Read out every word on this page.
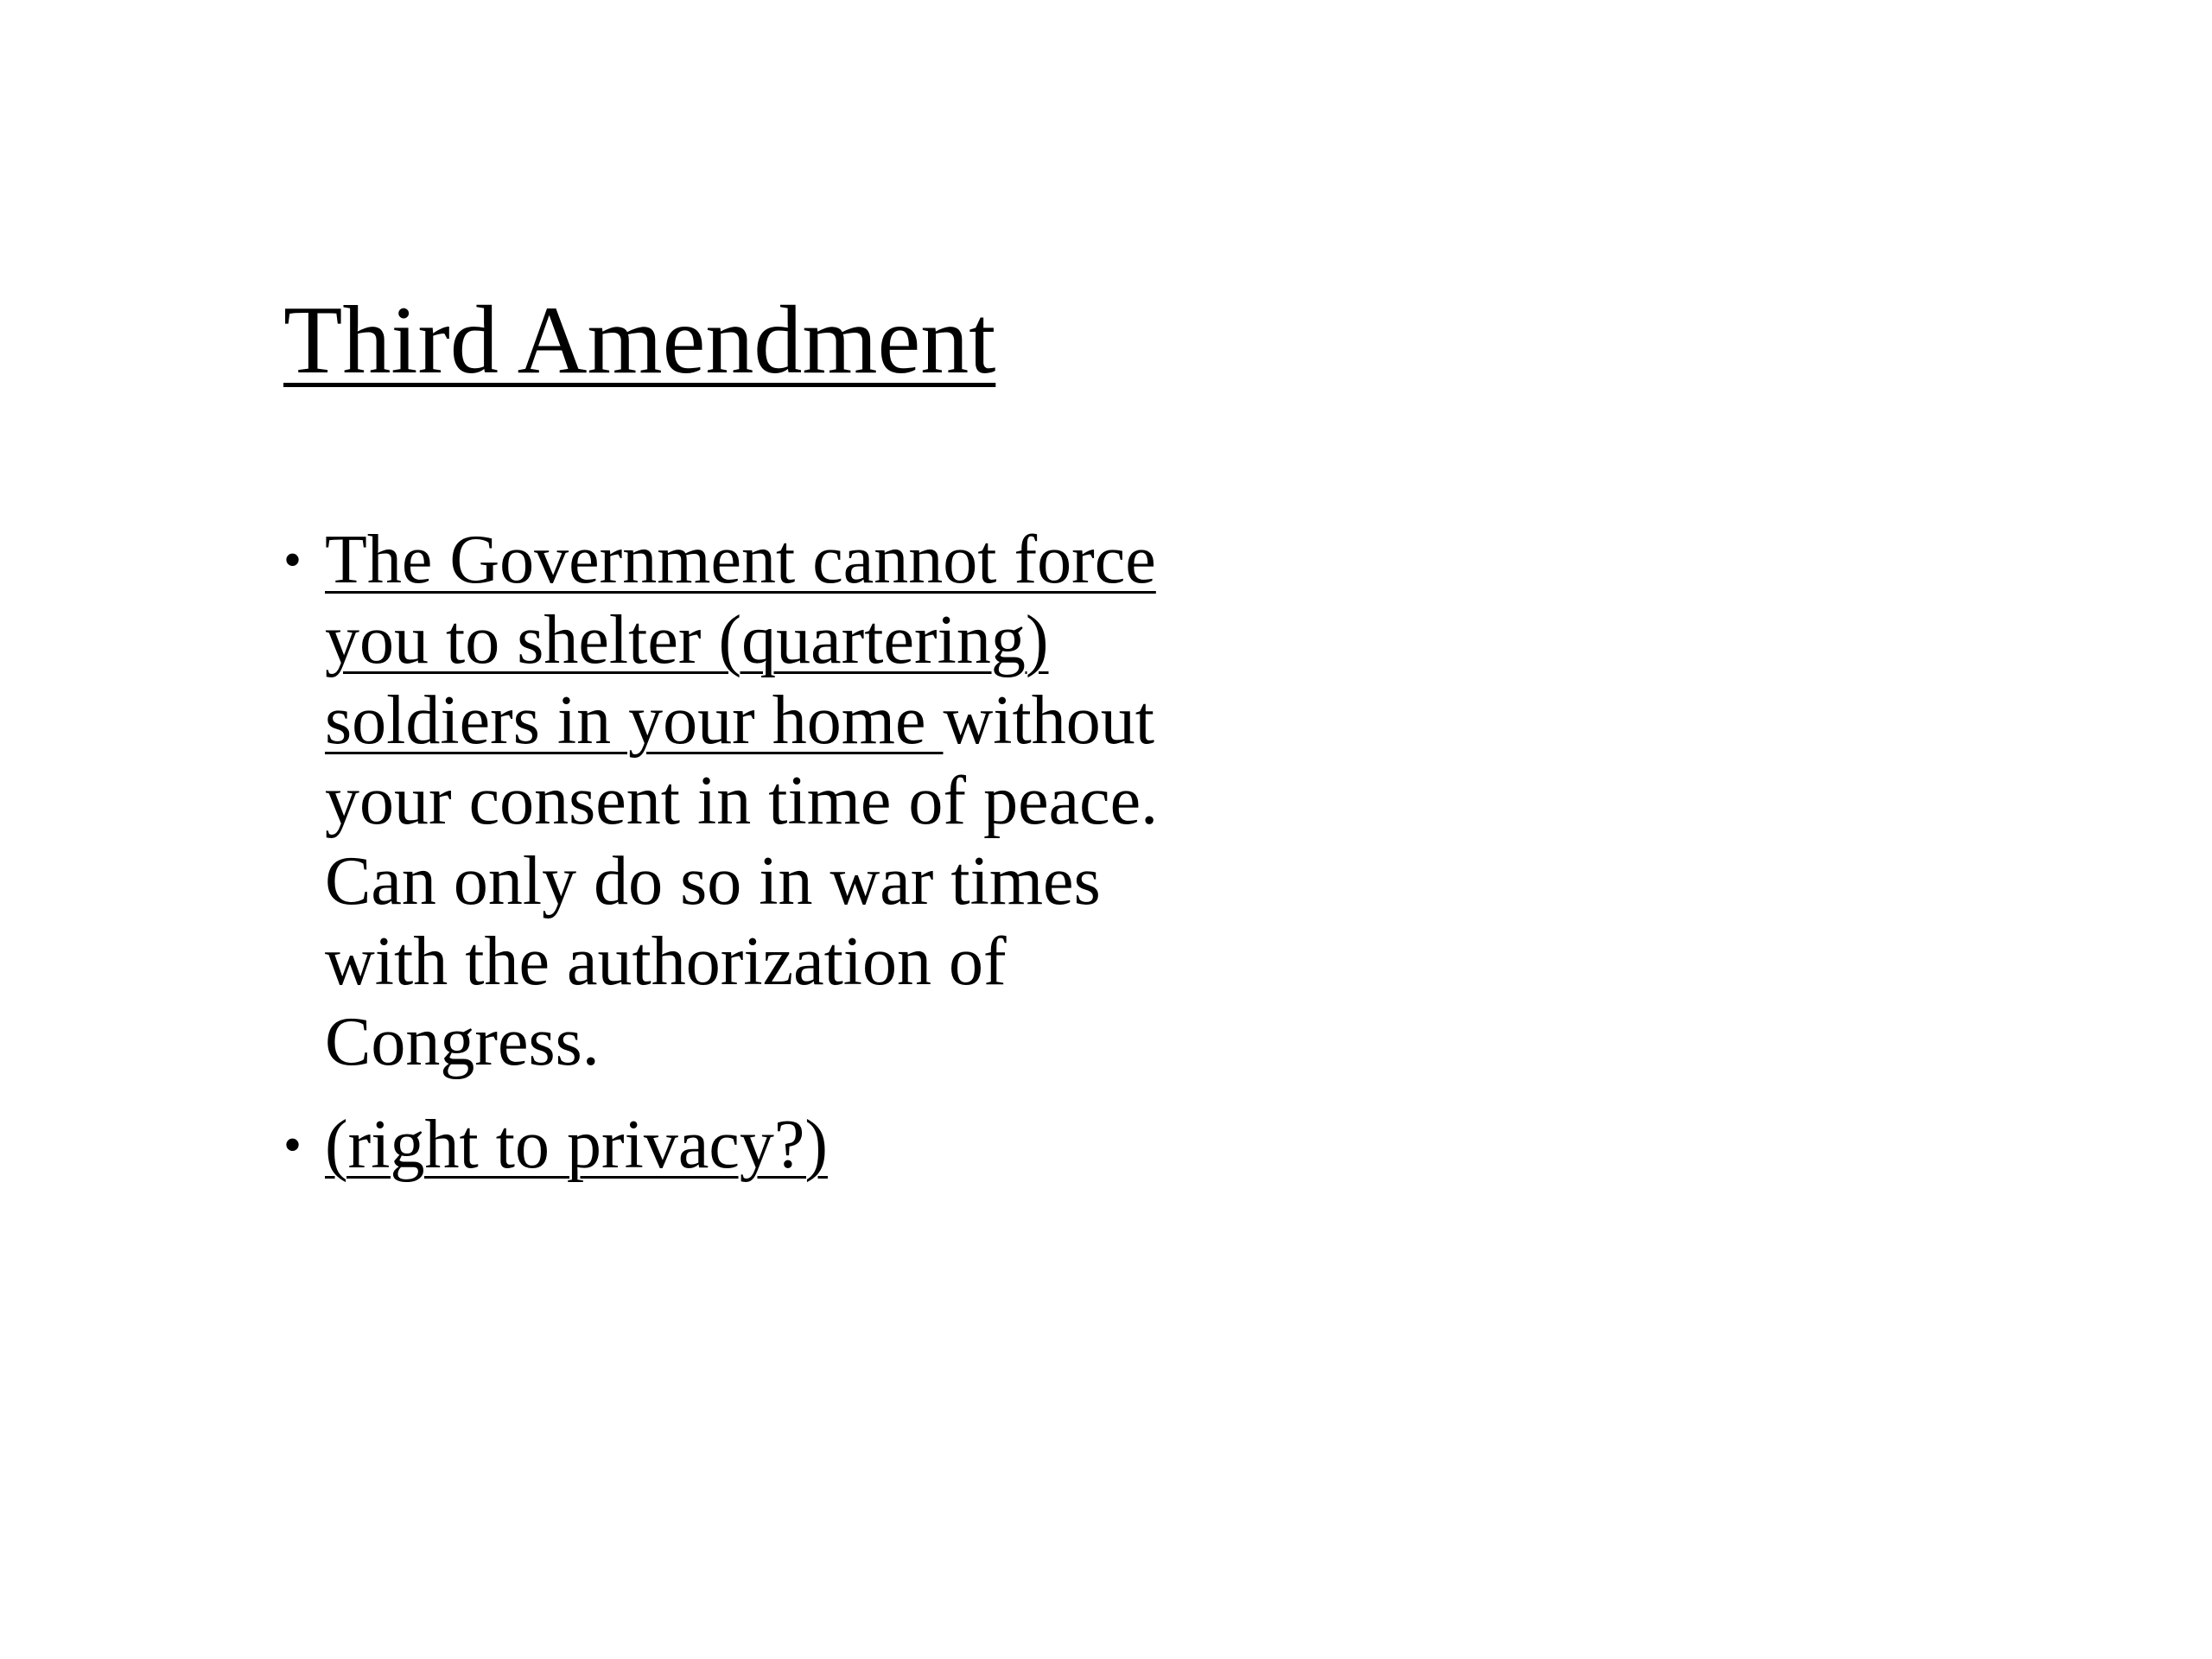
Third Amendment
• The Government cannot force you to shelter (quartering) soldiers in your home without your consent in time of peace. Can only do so in war times with the authorization of Congress.
• (right to privacy?)
